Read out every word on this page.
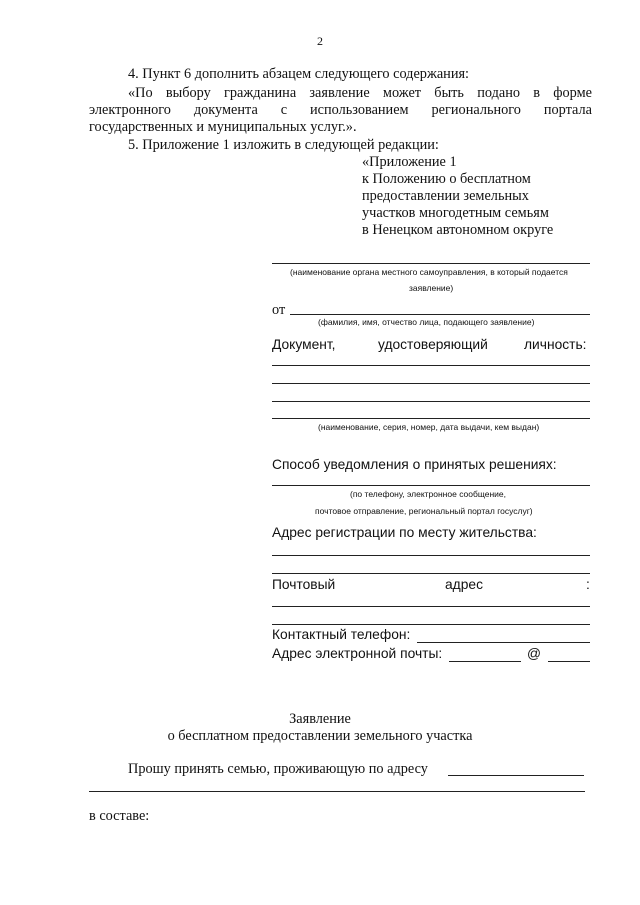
2
4. Пункт 6 дополнить абзацем следующего содержания:
«По выбору гражданина заявление может быть подано в форме
электронного документа с использованием регионального портала
государственных и муниципальных услуг.».
5. Приложение 1 изложить в следующей редакции:
«Приложение 1
к Положению о бесплатном
предоставлении земельных
участков многодетным семьям
в Ненецком автономном округе
(наименование органа местного самоуправления, в который подается
заявление)
от
(фамилия, имя, отчество лица, подающего заявление)
Документ,	удостоверяющий	личность:
(наименование, серия, номер, дата выдачи, кем выдан)
Способ уведомления о принятых решениях:
(по телефону, электронное сообщение,
почтовое отправление, региональный портал госуслуг)
Адрес регистрации по месту жительства:
Почтовый	адрес	:
Контактный телефон:
Адрес электронной почты:	@
Заявление
о бесплатном предоставлении земельного участка
Прошу принять семью, проживающую по адресу
в составе:
